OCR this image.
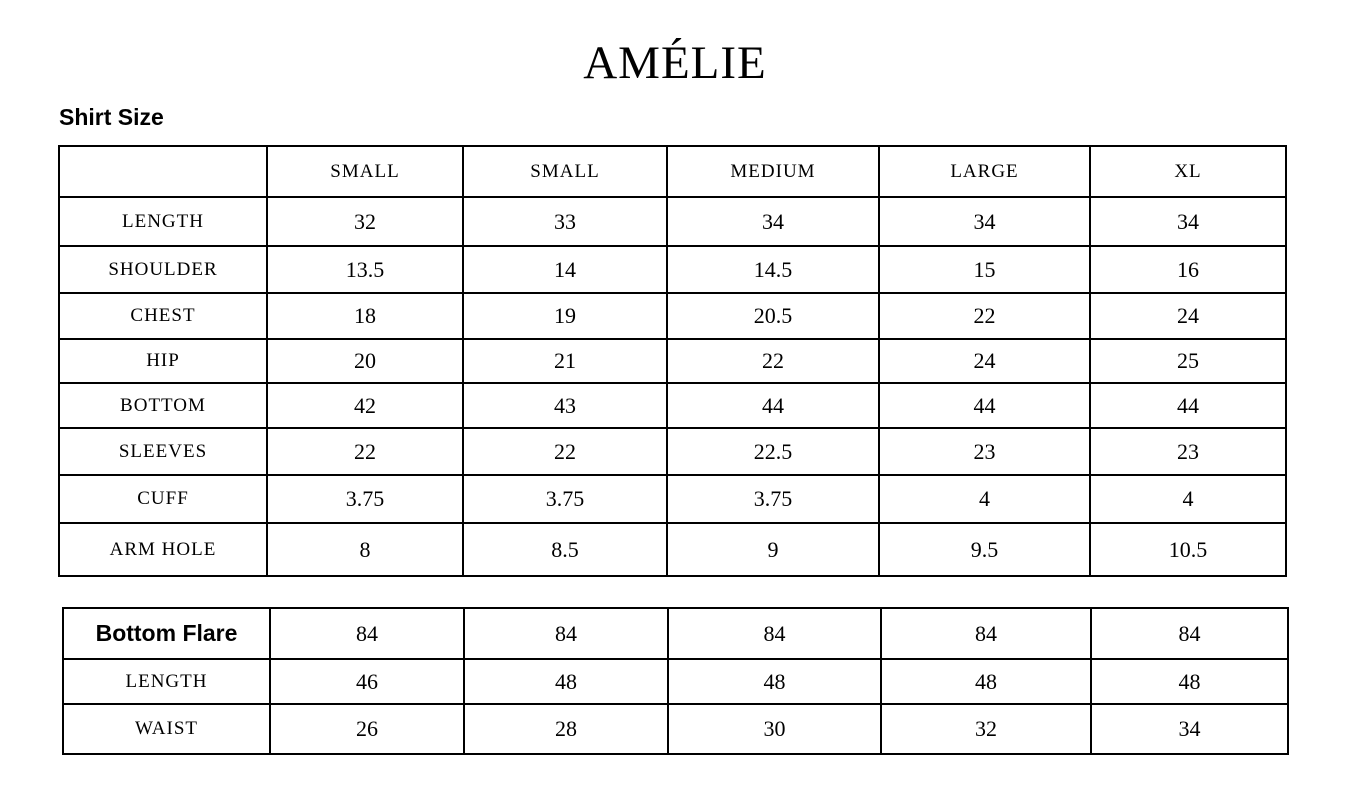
AMÉLIE
Shirt Size
	SMALL	SMALL	MEDIUM	LARGE	XL
LENGTH	32	33	34	34	34
SHOULDER	13.5	14	14.5	15	16
CHEST	18	19	20.5	22	24
HIP	20	21	22	24	25
BOTTOM	42	43	44	44	44
SLEEVES	22	22	22.5	23	23
CUFF	3.75	3.75	3.75	4	4
ARM HOLE	8	8.5	9	9.5	10.5
Bottom Flare	84	84	84	84	84
LENGTH	46	48	48	48	48
WAIST	26	28	30	32	34
